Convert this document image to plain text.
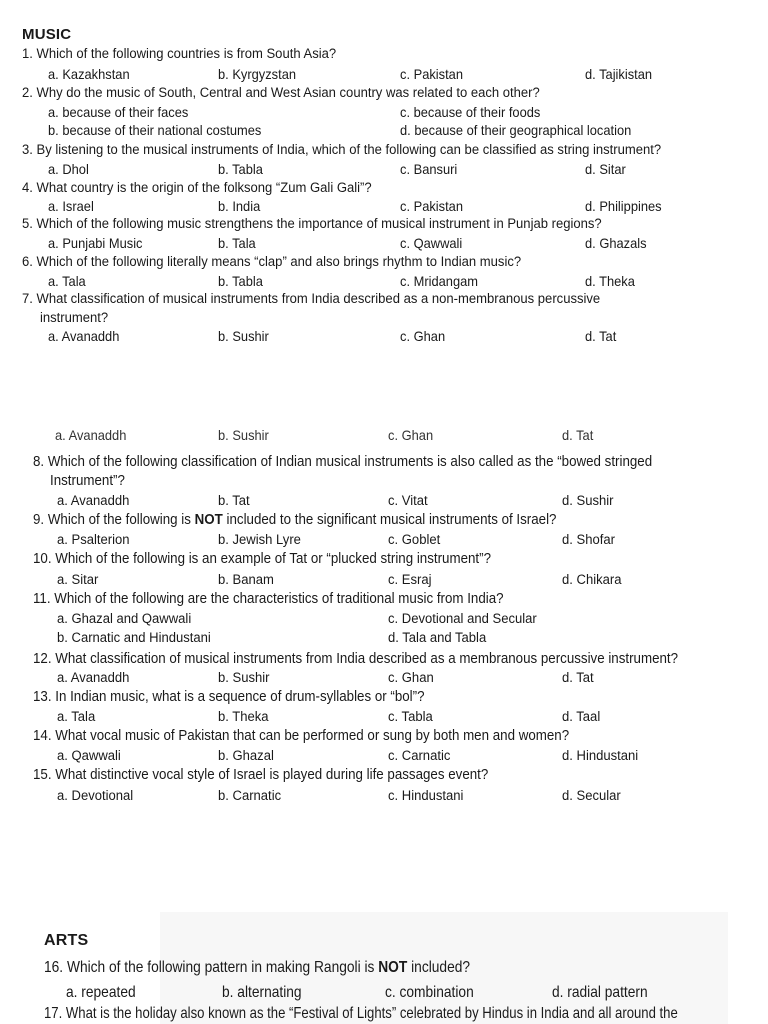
MUSIC
1. Which of the following countries is from South Asia?
a. Kazakhstan	b. Kyrgyzstan	c. Pakistan	d. Tajikistan
2. Why do the music of South, Central and West Asian country was related to each other?
a. because of their faces	c. because of their foods
b. because of their national costumes	d. because of their geographical location
3. By listening to the musical instruments of India, which of the following can be classified as string instrument?
a. Dhol	b. Tabla	c. Bansuri	d. Sitar
4. What country is the origin of the folksong “Zum Gali Gali”?
a. Israel	b. India	c. Pakistan	d. Philippines
5. Which of the following music strengthens the importance of musical instrument in Punjab regions?
a. Punjabi Music	b. Tala	c. Qawwali	d. Ghazals
6. Which of the following literally means “clap” and also brings rhythm to Indian music?
a. Tala	b. Tabla	c. Mridangam	d. Theka
7. What classification of musical instruments from India described as a non-membranous percussive
instrument?
a. Avanaddh	b. Sushir	c. Ghan	d. Tat
a. Avanaddh	b. Sushir	c. Ghan	d. Tat
8. Which of the following classification of Indian musical instruments is also called as the “bowed stringed
Instrument”?
a. Avanaddh	b. Tat	c. Vitat	d. Sushir
9. Which of the following is NOT included to the significant musical instruments of Israel?
a. Psalterion	b. Jewish Lyre	c. Goblet	d. Shofar
10. Which of the following is an example of Tat or “plucked string instrument”?
a. Sitar	b. Banam	c. Esraj	d. Chikara
11. Which of the following are the characteristics of traditional music from India?
a. Ghazal and Qawwali	c. Devotional and Secular
b. Carnatic and Hindustani	d. Tala and Tabla
12. What classification of musical instruments from India described as a membranous percussive instrument?
a. Avanaddh	b. Sushir	c. Ghan	d. Tat
13. In Indian music, what is a sequence of drum-syllables or “bol”?
a. Tala	b. Theka	c. Tabla	d. Taal
14. What vocal music of Pakistan that can be performed or sung by both men and women?
a. Qawwali	b. Ghazal	c. Carnatic	d. Hindustani
15. What distinctive vocal style of Israel is played during life passages event?
a. Devotional	b. Carnatic	c. Hindustani	d. Secular
ARTS
16. Which of the following pattern in making Rangoli is NOT included?
a. repeated	b. alternating	c. combination	d. radial pattern
17. What is the holiday also known as the “Festival of Lights” celebrated by Hindus in India and all around the
